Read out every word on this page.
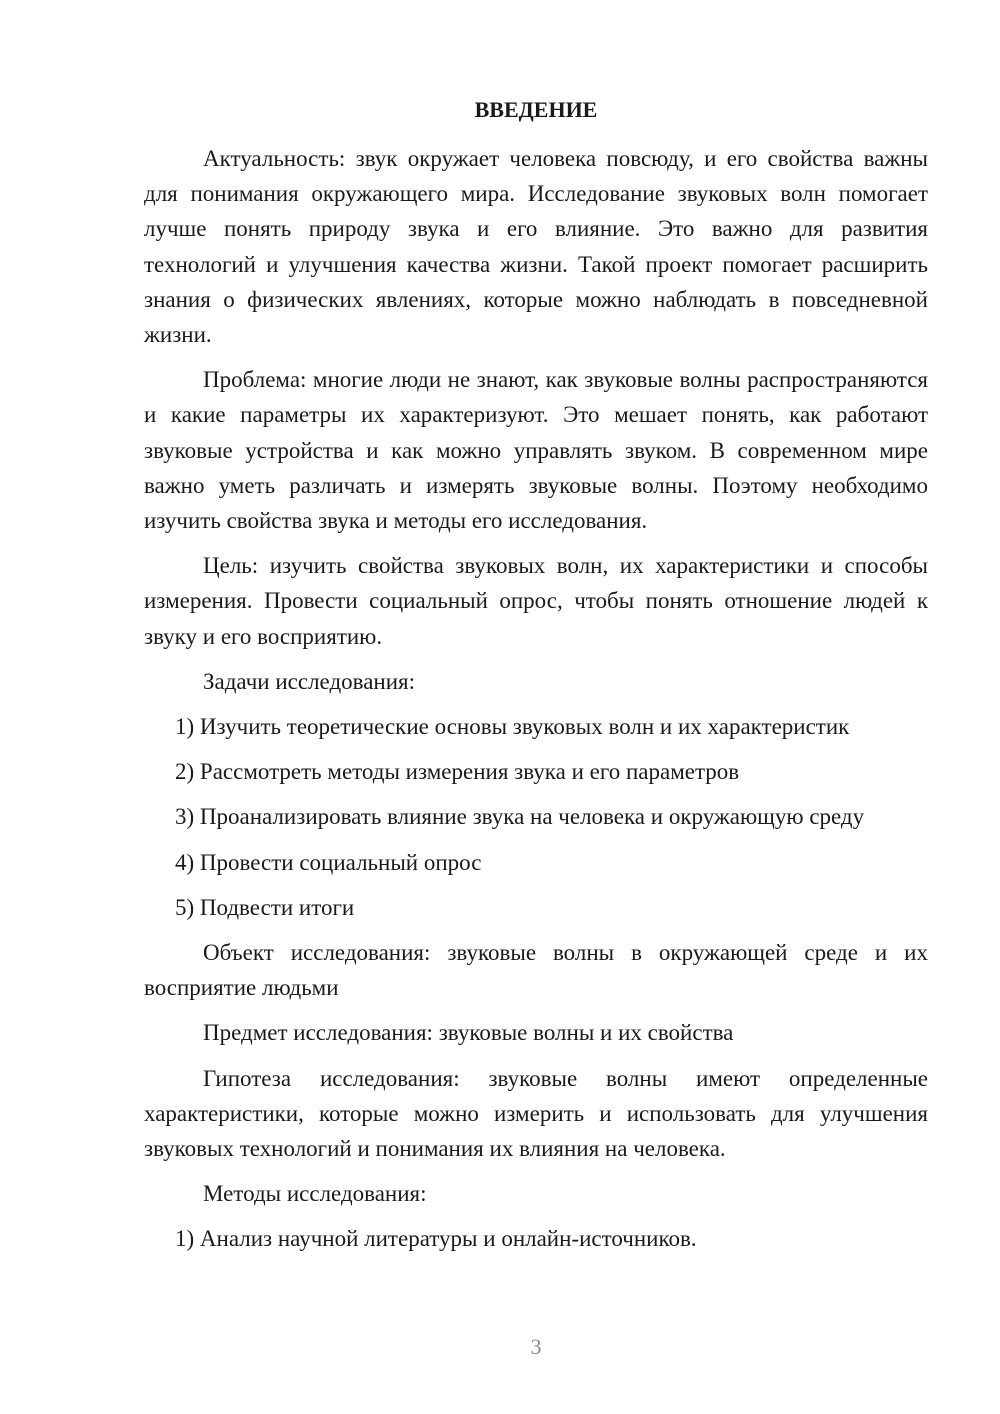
ВВЕДЕНИЕ

Актуальность: звук окружает человека повсюду, и его свойства важны для понимания окружающего мира. Исследование звуковых волн помогает лучше понять природу звука и его влияние. Это важно для развития технологий и улучшения качества жизни. Такой проект помогает расширить знания о физических явлениях, которые можно наблюдать в повседневной жизни.

Проблема: многие люди не знают, как звуковые волны распространяются и какие параметры их характеризуют. Это мешает понять, как работают звуковые устройства и как можно управлять звуком. В современном мире важно уметь различать и измерять звуковые волны. Поэтому необходимо изучить свойства звука и методы его исследования.

Цель: изучить свойства звуковых волн, их характеристики и способы измерения. Провести социальный опрос, чтобы понять отношение людей к звуку и его восприятию.

Задачи исследования:

1) Изучить теоретические основы звуковых волн и их характеристик

2) Рассмотреть методы измерения звука и его параметров

3) Проанализировать влияние звука на человека и окружающую среду

4) Провести социальный опрос

5) Подвести итоги

Объект исследования: звуковые волны в окружающей среде и их восприятие людьми

Предмет исследования: звуковые волны и их свойства

Гипотеза исследования: звуковые волны имеют определенные характеристики, которые можно измерить и использовать для улучшения звуковых технологий и понимания их влияния на человека.

Методы исследования:

1) Анализ научной литературы и онлайн-источников.

3
